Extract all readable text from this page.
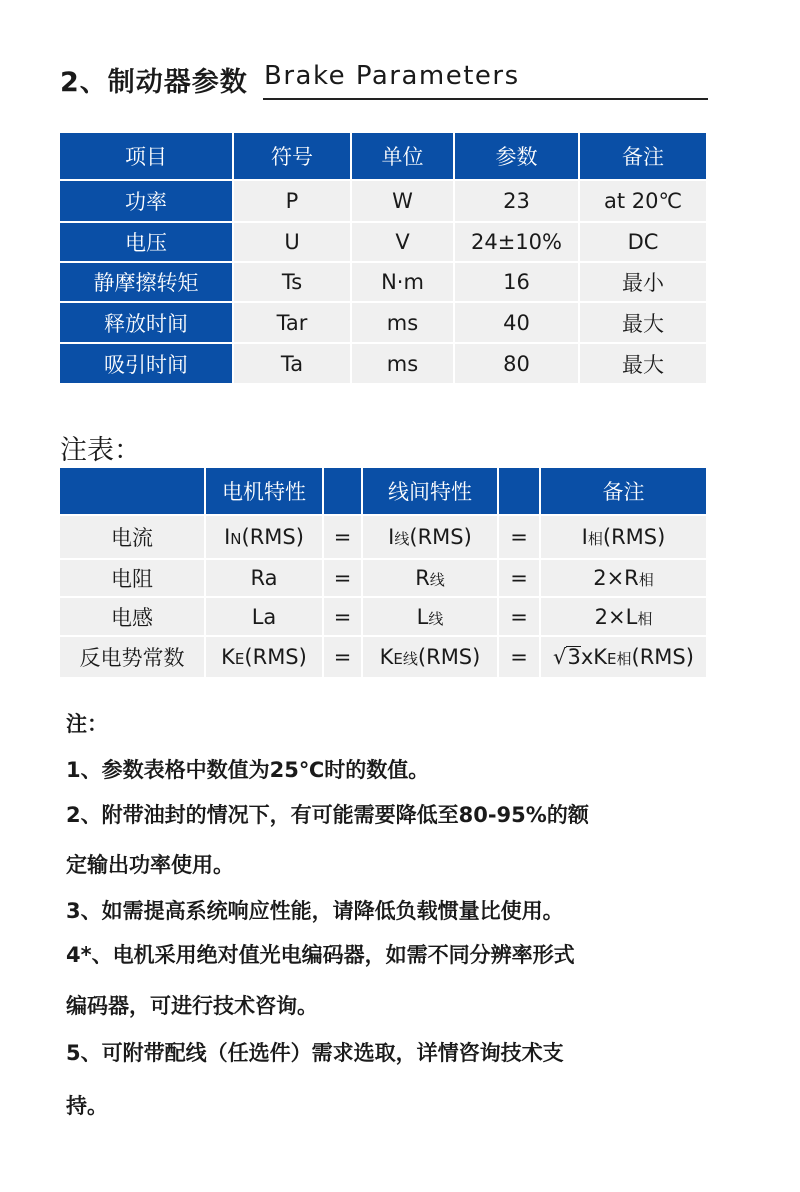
2、制动器参数 Brake Parameters
项目	符号	单位	参数	备注
功率	P	W	23	at 20℃
电压	U	V	24±10%	DC
静摩擦转矩	Ts	N·m	16	最小
释放时间	Tar	ms	40	最大
吸引时间	Ta	ms	80	最大
注表：
	电机特性		线间特性		备注
电流	IN(RMS)	=	I线(RMS)	=	I相(RMS)
电阻	Ra	=	R线	=	2×R相
电感	La	=	L线	=	2×L相
反电势常数	KE(RMS)	=	KE线(RMS)	=	√3xKE相(RMS)
注：
1、参数表格中数值为25℃时的数值。
2、附带油封的情况下，有可能需要降低至80-95%的额
定输出功率使用。
3、如需提高系统响应性能，请降低负载惯量比使用。
4*、电机采用绝对值光电编码器，如需不同分辨率形式
编码器，可进行技术咨询。
5、可附带配线（任选件）需求选取，详情咨询技术支
持。
